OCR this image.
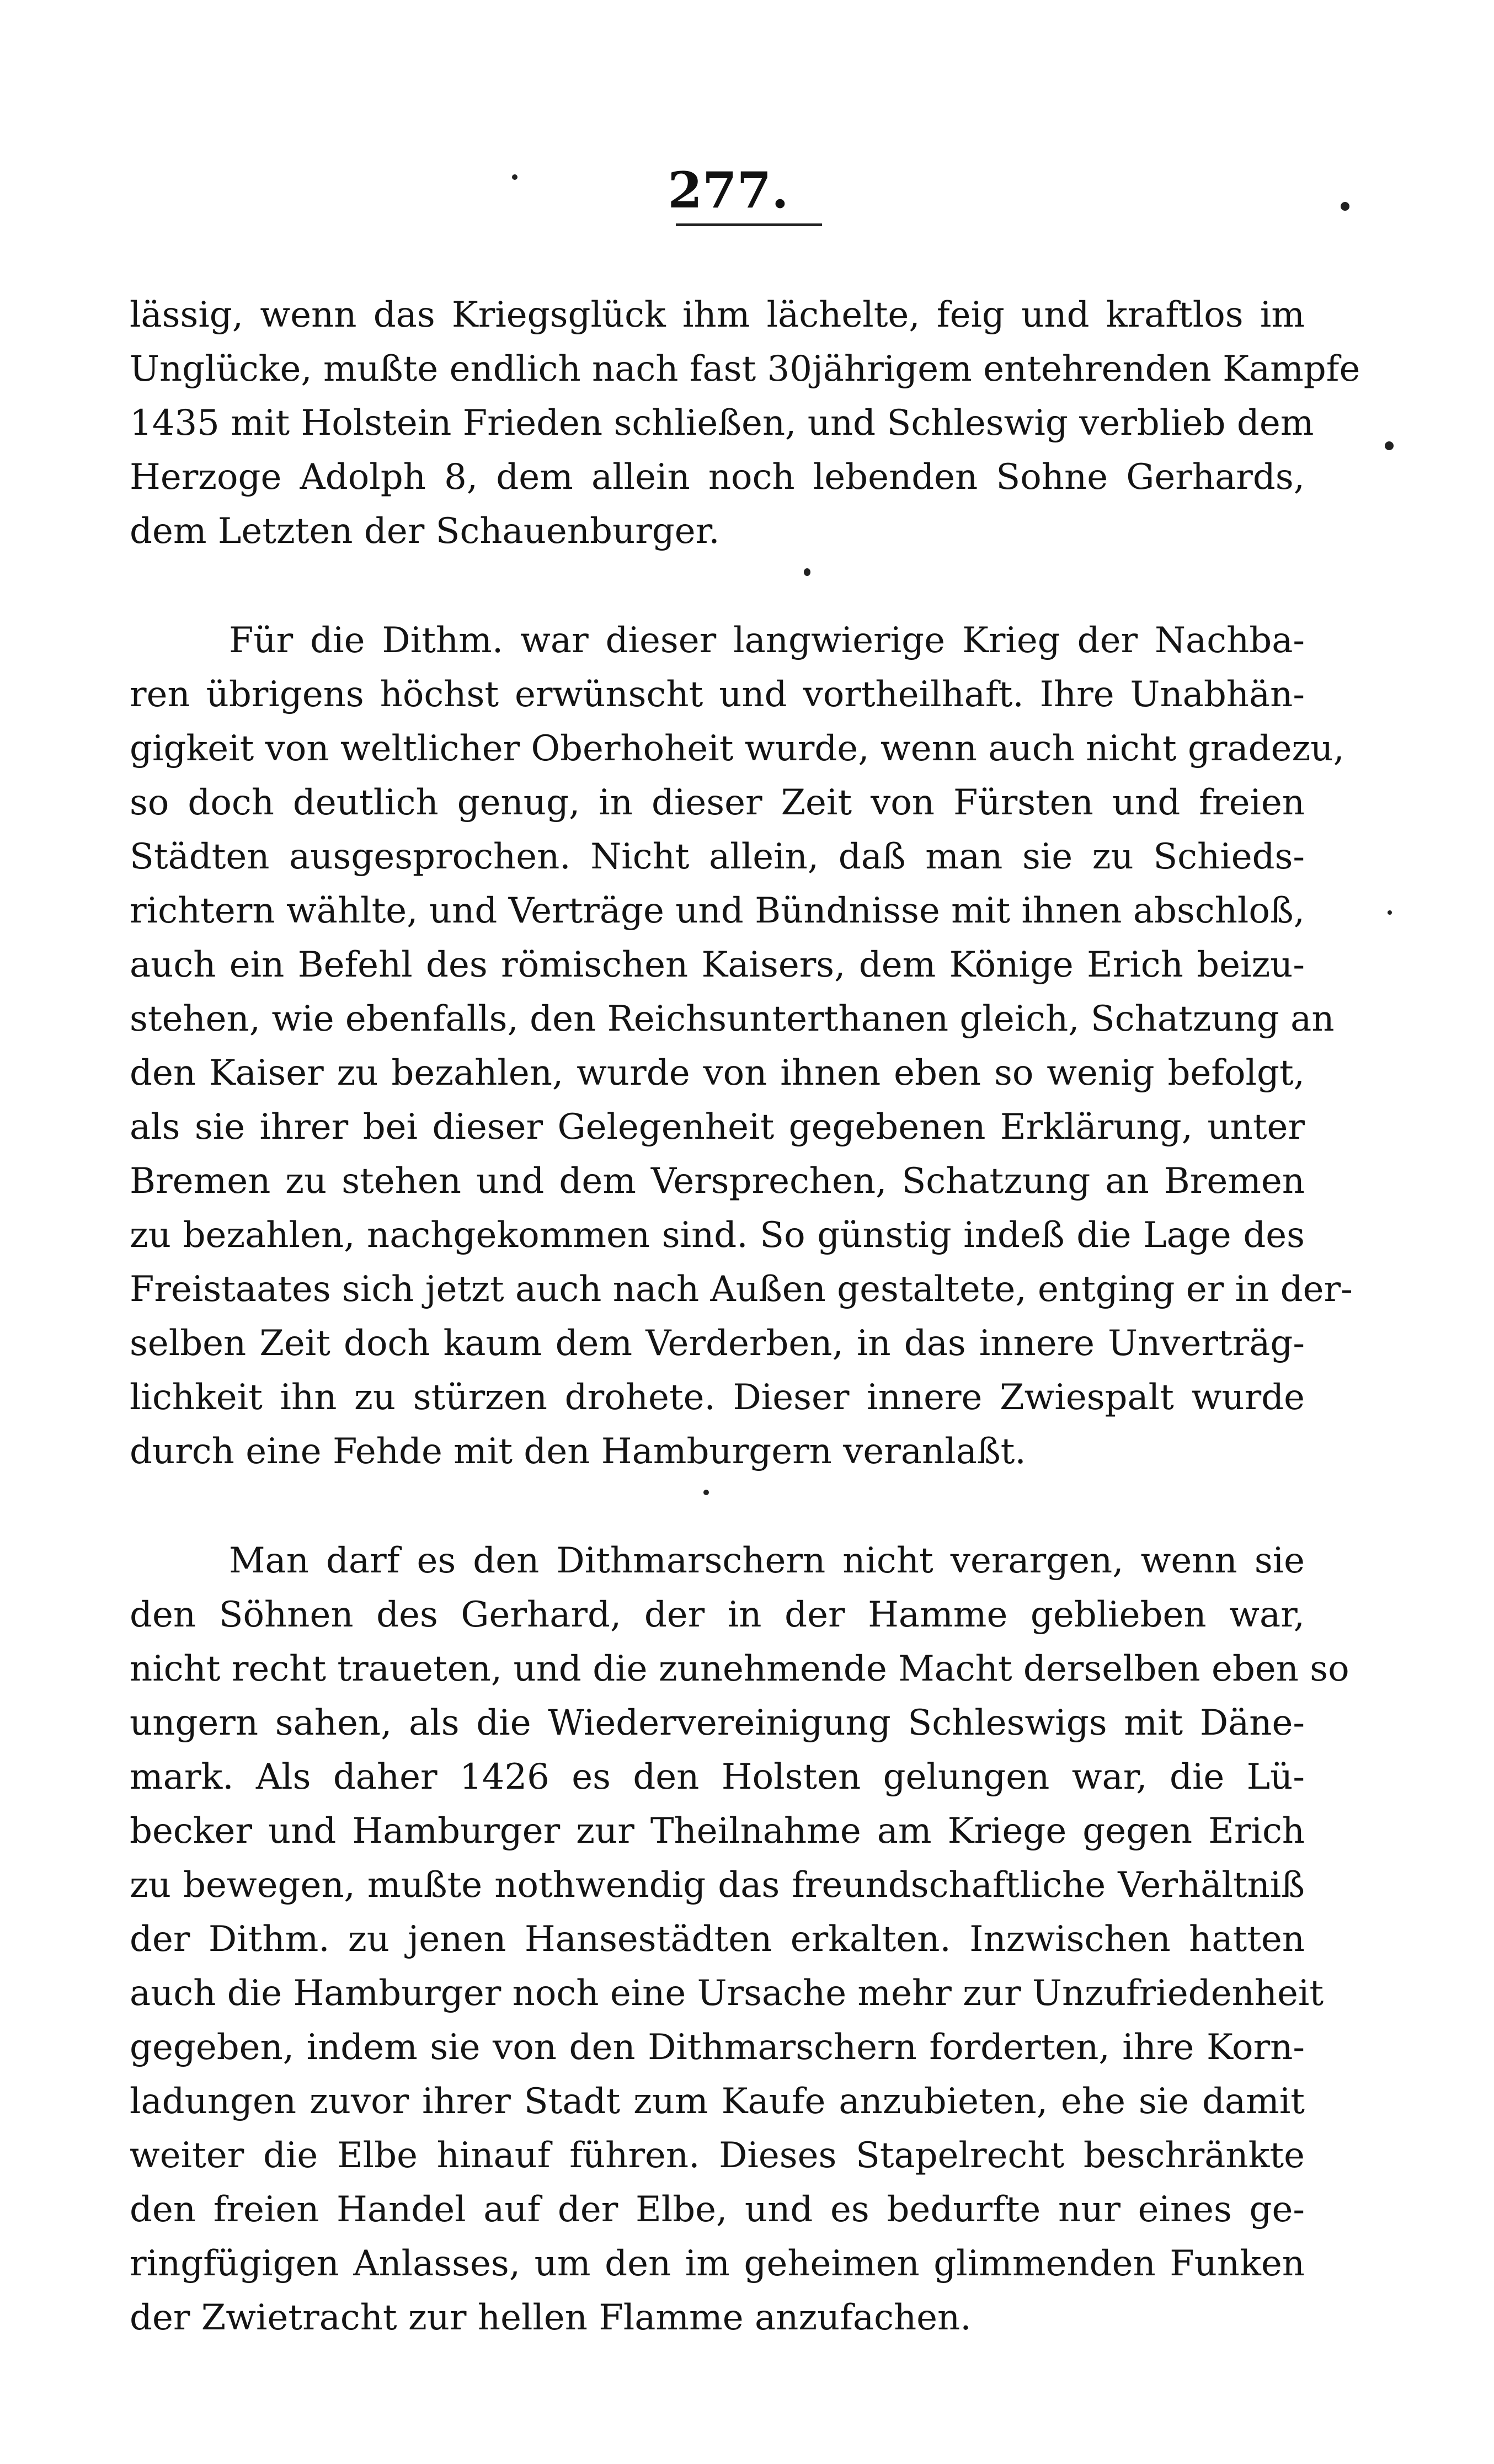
277.
lässig, wenn das Kriegsglück ihm lächelte, feig und kraftlos im
Unglücke, mußte endlich nach fast 30jährigem entehrenden Kampfe
1435 mit Holstein Frieden schließen, und Schleswig verblieb dem
Herzoge Adolph 8, dem allein noch lebenden Sohne Gerhards,
dem Letzten der Schauenburger.
Für die Dithm. war dieser langwierige Krieg der Nachba-
ren übrigens höchst erwünscht und vortheilhaft. Ihre Unabhän-
gigkeit von weltlicher Oberhoheit wurde, wenn auch nicht gradezu,
so doch deutlich genug, in dieser Zeit von Fürsten und freien
Städten ausgesprochen. Nicht allein, daß man sie zu Schieds-
richtern wählte, und Verträge und Bündnisse mit ihnen abschloß,
auch ein Befehl des römischen Kaisers, dem Könige Erich beizu-
stehen, wie ebenfalls, den Reichsunterthanen gleich, Schatzung an
den Kaiser zu bezahlen, wurde von ihnen eben so wenig befolgt,
als sie ihrer bei dieser Gelegenheit gegebenen Erklärung, unter
Bremen zu stehen und dem Versprechen, Schatzung an Bremen
zu bezahlen, nachgekommen sind. So günstig indeß die Lage des
Freistaates sich jetzt auch nach Außen gestaltete, entging er in der-
selben Zeit doch kaum dem Verderben, in das innere Unverträg-
lichkeit ihn zu stürzen drohete. Dieser innere Zwiespalt wurde
durch eine Fehde mit den Hamburgern veranlaßt.
Man darf es den Dithmarschern nicht verargen, wenn sie
den Söhnen des Gerhard, der in der Hamme geblieben war,
nicht recht traueten, und die zunehmende Macht derselben eben so
ungern sahen, als die Wiedervereinigung Schleswigs mit Däne-
mark. Als daher 1426 es den Holsten gelungen war, die Lü-
becker und Hamburger zur Theilnahme am Kriege gegen Erich
zu bewegen, mußte nothwendig das freundschaftliche Verhältniß
der Dithm. zu jenen Hansestädten erkalten. Inzwischen hatten
auch die Hamburger noch eine Ursache mehr zur Unzufriedenheit
gegeben, indem sie von den Dithmarschern forderten, ihre Korn-
ladungen zuvor ihrer Stadt zum Kaufe anzubieten, ehe sie damit
weiter die Elbe hinauf führen. Dieses Stapelrecht beschränkte
den freien Handel auf der Elbe, und es bedurfte nur eines ge-
ringfügigen Anlasses, um den im geheimen glimmenden Funken
der Zwietracht zur hellen Flamme anzufachen.
